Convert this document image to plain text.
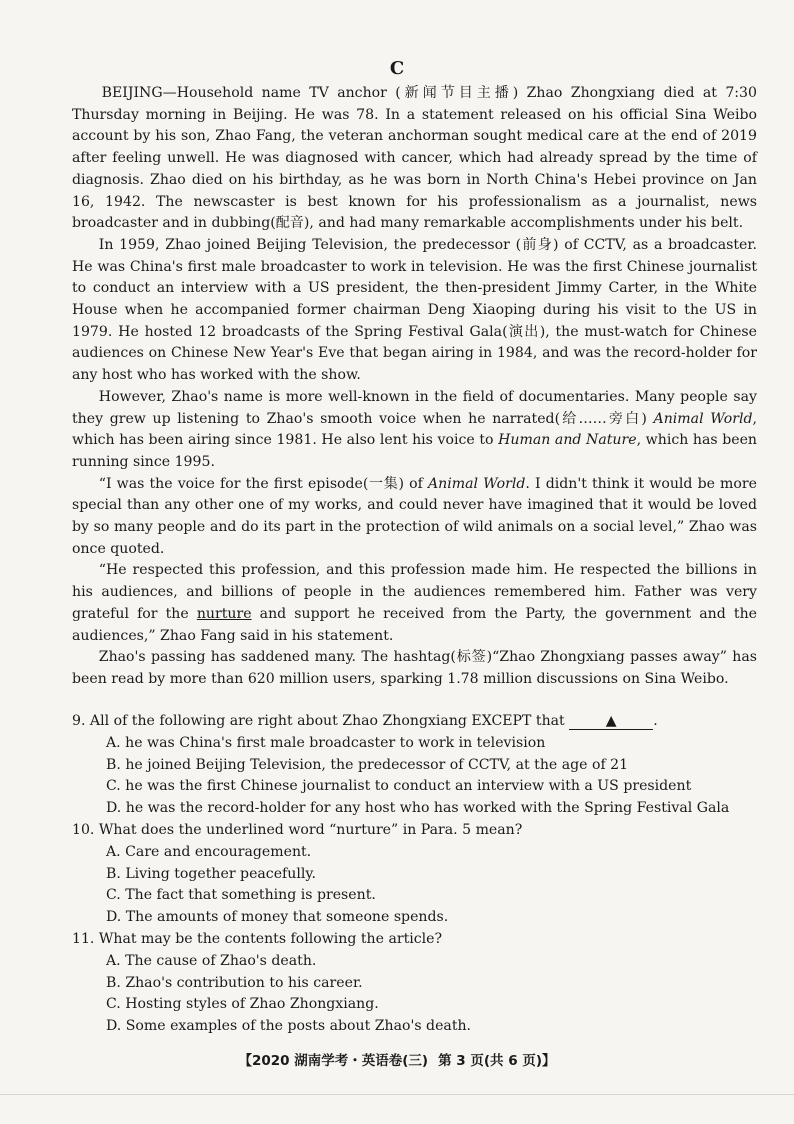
C

BEIJING—Household name TV anchor (新闻节目主播) Zhao Zhongxiang died at 7:30 Thursday morning in Beijing. He was 78. In a statement released on his official Sina Weibo account by his son, Zhao Fang, the veteran anchorman sought medical care at the end of 2019 after feeling unwell. He was diagnosed with cancer, which had already spread by the time of diagnosis. Zhao died on his birthday, as he was born in North China's Hebei province on Jan 16, 1942. The newscaster is best known for his professionalism as a journalist, news broadcaster and in dubbing(配音), and had many remarkable accomplishments under his belt.

In 1959, Zhao joined Beijing Television, the predecessor (前身) of CCTV, as a broadcaster. He was China's first male broadcaster to work in television. He was the first Chinese journalist to conduct an interview with a US president, the then-president Jimmy Carter, in the White House when he accompanied former chairman Deng Xiaoping during his visit to the US in 1979. He hosted 12 broadcasts of the Spring Festival Gala(演出), the must-watch for Chinese audiences on Chinese New Year's Eve that began airing in 1984, and was the record-holder for any host who has worked with the show.

However, Zhao's name is more well-known in the field of documentaries. Many people say they grew up listening to Zhao's smooth voice when he narrated(给……旁白) Animal World, which has been airing since 1981. He also lent his voice to Human and Nature, which has been running since 1995.

“I was the voice for the first episode(一集) of Animal World. I didn't think it would be more special than any other one of my works, and could never have imagined that it would be loved by so many people and do its part in the protection of wild animals on a social level,” Zhao was once quoted.

“He respected this profession, and this profession made him. He respected the billions in his audiences, and billions of people in the audiences remembered him. Father was very grateful for the nurture and support he received from the Party, the government and the audiences,” Zhao Fang said in his statement.

Zhao's passing has saddened many. The hashtag(标签)“Zhao Zhongxiang passes away” has been read by more than 620 million users, sparking 1.78 million discussions on Sina Weibo.

9. All of the following are right about Zhao Zhongxiang EXCEPT that	▲	.

A. he was China's first male broadcaster to work in television
B. he joined Beijing Television, the predecessor of CCTV, at the age of 21
C. he was the first Chinese journalist to conduct an interview with a US president
D. he was the record-holder for any host who has worked with the Spring Festival Gala

10. What does the underlined word “nurture” in Para. 5 mean?

A. Care and encouragement.
B. Living together peacefully.
C. The fact that something is present.
D. The amounts of money that someone spends.

11. What may be the contents following the article?

A. The cause of Zhao's death.
B. Zhao's contribution to his career.
C. Hosting styles of Zhao Zhongxiang.
D. Some examples of the posts about Zhao's death.
【2020 湖南学考・英语卷(三) 第 3 页(共 6 页)】
